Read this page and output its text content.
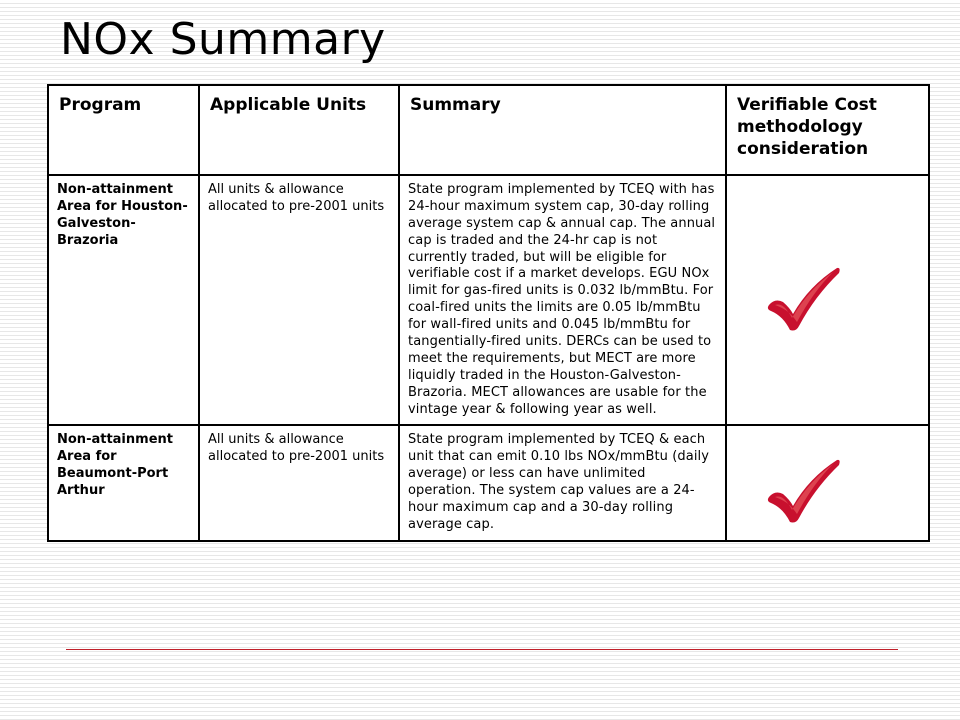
NOx Summary
Program	Applicable Units	Summary	Verifiable Cost methodology consideration
Non-attainment Area for Houston-Galveston-Brazoria	All units & allowance allocated to pre-2001 units	State program implemented by TCEQ with has 24-hour maximum system cap, 30-day rolling average system cap & annual cap. The annual cap is traded and the 24-hr cap is not currently traded, but will be eligible for verifiable cost if a market develops. EGU NOx limit for gas-fired units is 0.032 lb/mmBtu. For coal-fired units the limits are 0.05 lb/mmBtu for wall-fired units and 0.045 lb/mmBtu for tangentially-fired units. DERCs can be used to meet the requirements, but MECT are more liquidly traded in the Houston-Galveston-Brazoria. MECT allowances are usable for the vintage year & following year as well.	

Non-attainment Area for Beaumont-Port Arthur	All units & allowance allocated to pre-2001 units	State program implemented by TCEQ & each unit that can emit 0.10 lbs NOx/mmBtu (daily average) or less can have unlimited operation. The system cap values are a 24-hour maximum cap and a 30-day rolling average cap.	
